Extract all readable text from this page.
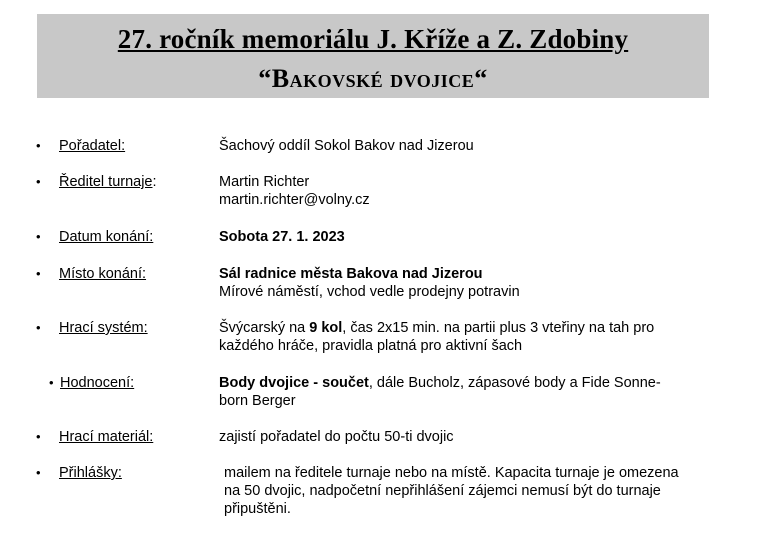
27. ročník memoriálu J. Kříže a Z. Zdobiny
“Bakovské dvojice“
• Pořadatel:	Šachový oddíl Sokol Bakov nad Jizerou
• Ředitel turnaje:	Martin Richter
martin.richter@volny.cz
• Datum konání:	Sobota 27. 1. 2023
• Místo konání:	Sál radnice města Bakova nad Jizerou
Mírové náměstí, vchod vedle prodejny potravin
• Hrací systém:	Švýcarský na 9 kol, čas 2x15 min. na partii plus 3 vteřiny na tah pro
každého hráče, pravidla platná pro aktivní šach
• Hodnocení:	Body dvojice - součet, dále Bucholz, zápasové body a Fide Sonne-
born Berger
• Hrací materiál:	zajistí pořadatel do počtu 50-ti dvojic
• Přihlášky:	mailem na ředitele turnaje nebo na místě. Kapacita turnaje je omezena
na 50 dvojic, nadpočetní nepřihlášení zájemci nemusí být do turnaje
připuštěni.
